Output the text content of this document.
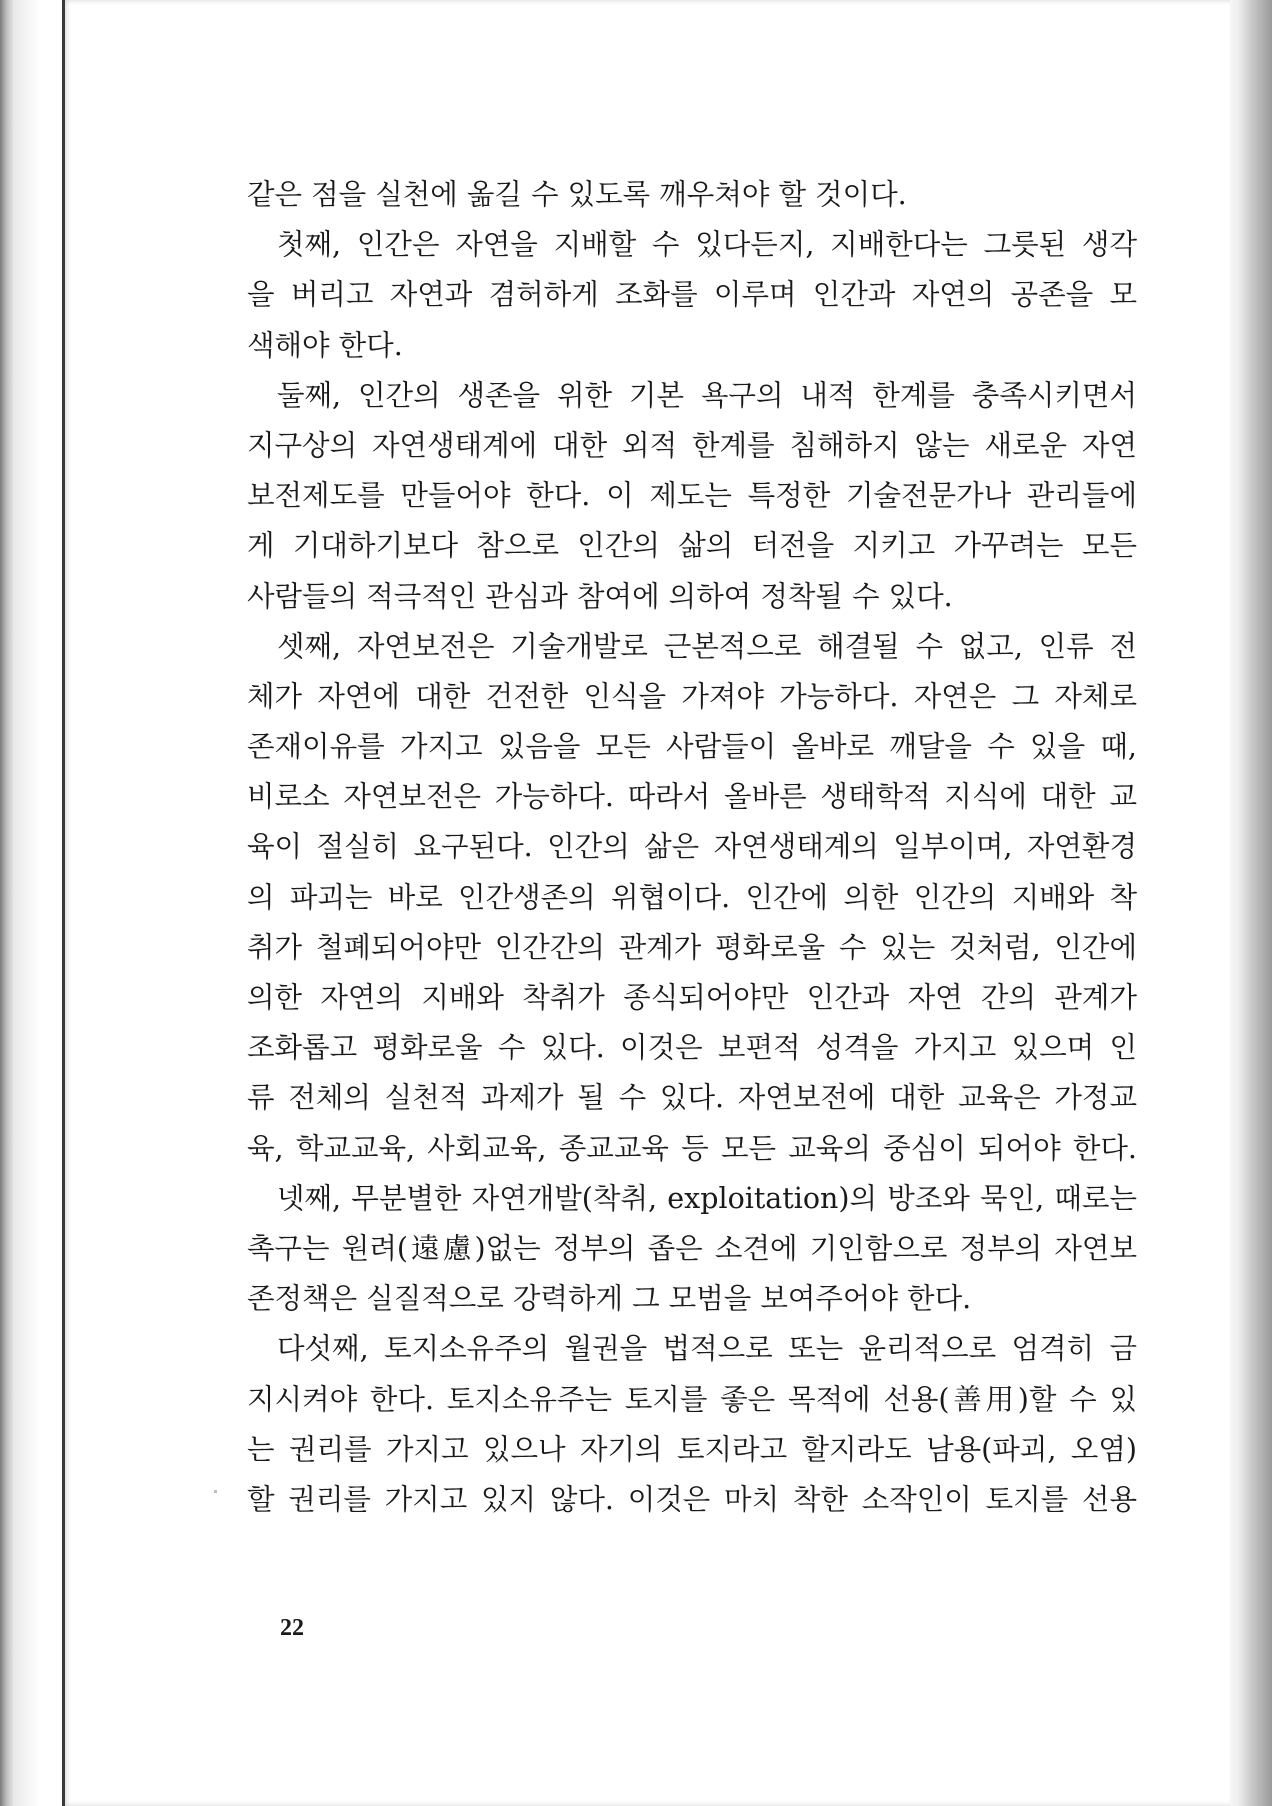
같은 점을 실천에 옮길 수 있도록 깨우쳐야 할 것이다.
첫째, 인간은 자연을 지배할 수 있다든지, 지배한다는 그릇된 생각
을 버리고 자연과 겸허하게 조화를 이루며 인간과 자연의 공존을 모
색해야 한다.
둘째, 인간의 생존을 위한 기본 욕구의 내적 한계를 충족시키면서
지구상의 자연생태계에 대한 외적 한계를 침해하지 않는 새로운 자연
보전제도를 만들어야 한다. 이 제도는 특정한 기술전문가나 관리들에
게 기대하기보다 참으로 인간의 삶의 터전을 지키고 가꾸려는 모든
사람들의 적극적인 관심과 참여에 의하여 정착될 수 있다.
셋째, 자연보전은 기술개발로 근본적으로 해결될 수 없고, 인류 전
체가 자연에 대한 건전한 인식을 가져야 가능하다. 자연은 그 자체로
존재이유를 가지고 있음을 모든 사람들이 올바로 깨달을 수 있을 때,
비로소 자연보전은 가능하다. 따라서 올바른 생태학적 지식에 대한 교
육이 절실히 요구된다. 인간의 삶은 자연생태계의 일부이며, 자연환경
의 파괴는 바로 인간생존의 위협이다. 인간에 의한 인간의 지배와 착
취가 철폐되어야만 인간간의 관계가 평화로울 수 있는 것처럼, 인간에
의한 자연의 지배와 착취가 종식되어야만 인간과 자연 간의 관계가
조화롭고 평화로울 수 있다. 이것은 보편적 성격을 가지고 있으며 인
류 전체의 실천적 과제가 될 수 있다. 자연보전에 대한 교육은 가정교
육, 학교교육, 사회교육, 종교교육 등 모든 교육의 중심이 되어야 한다.
넷째, 무분별한 자연개발(착취, exploitation)의 방조와 묵인, 때로는
촉구는 원려(遠慮)없는 정부의 좁은 소견에 기인함으로 정부의 자연보
존정책은 실질적으로 강력하게 그 모범을 보여주어야 한다.
다섯째, 토지소유주의 월권을 법적으로 또는 윤리적으로 엄격히 금
지시켜야 한다. 토지소유주는 토지를 좋은 목적에 선용(善用)할 수 있
는 권리를 가지고 있으나 자기의 토지라고 할지라도 남용(파괴, 오염)
할 권리를 가지고 있지 않다. 이것은 마치 착한 소작인이 토지를 선용
22
